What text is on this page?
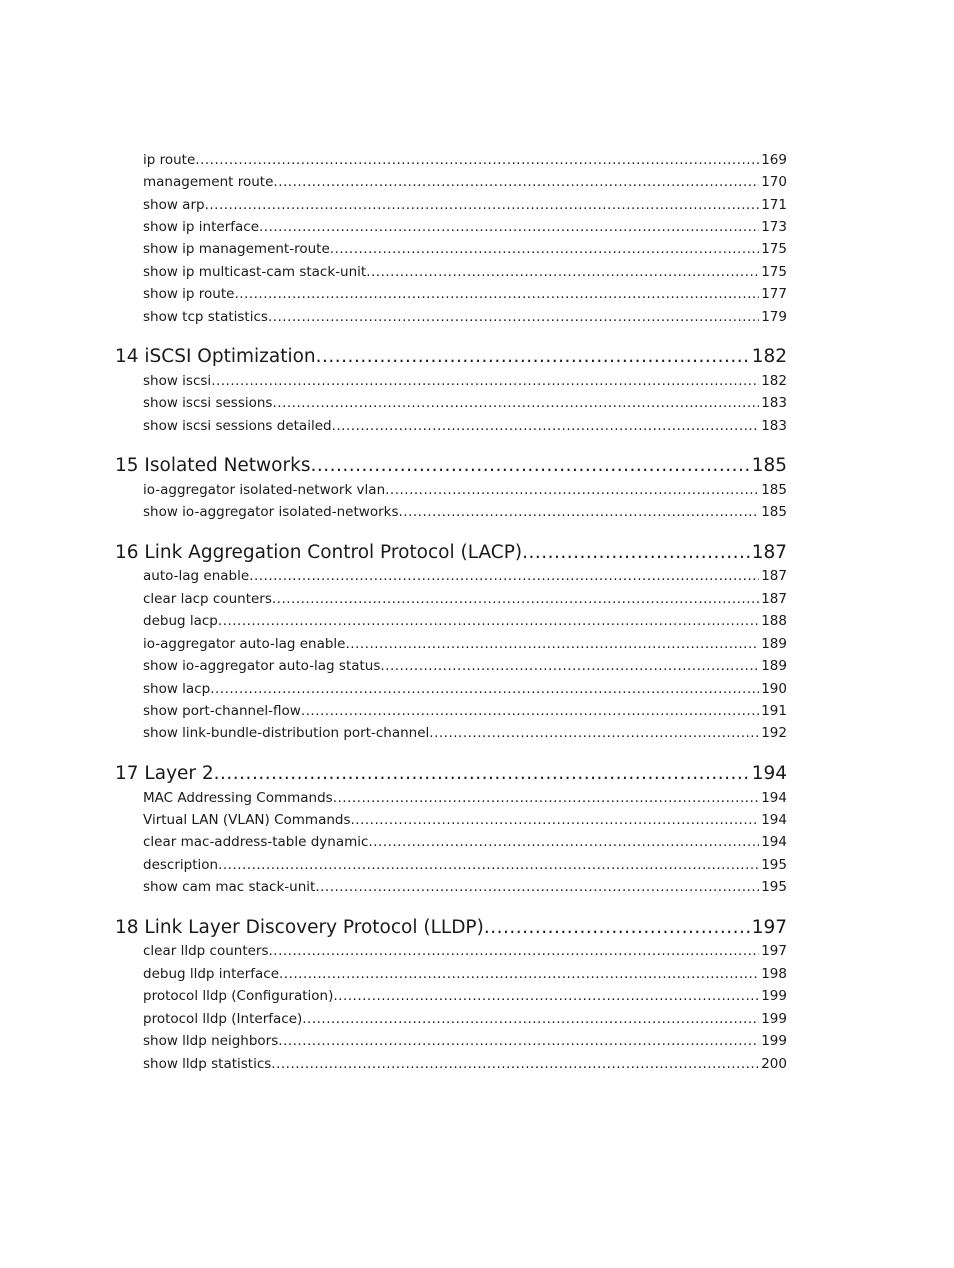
ip route .....	169
management route .....	170
show arp .....	171
show ip interface .....	173
show ip management-route .....	175
show ip multicast-cam stack-unit .....	175
show ip route .....	177
show tcp statistics .....	179
14 iSCSI Optimization .....	182
show iscsi .....	182
show iscsi sessions .....	183
show iscsi sessions detailed .....	183
15 Isolated Networks .....	185
io-aggregator isolated-network vlan .....	185
show io-aggregator isolated-networks .....	185
16 Link Aggregation Control Protocol (LACP) .....	187
auto-lag enable .....	187
clear lacp counters .....	187
debug lacp .....	188
io-aggregator auto-lag enable .....	189
show io-aggregator auto-lag status .....	189
show lacp .....	190
show port-channel-flow .....	191
show link-bundle-distribution port-channel .....	192
17 Layer 2 .....	194
MAC Addressing Commands .....	194
Virtual LAN (VLAN) Commands .....	194
clear mac-address-table dynamic .....	194
description .....	195
show cam mac stack-unit .....	195
18 Link Layer Discovery Protocol (LLDP) .....	197
clear lldp counters .....	197
debug lldp interface .....	198
protocol lldp (Configuration) .....	199
protocol lldp (Interface) .....	199
show lldp neighbors .....	199
show lldp statistics .....	200
